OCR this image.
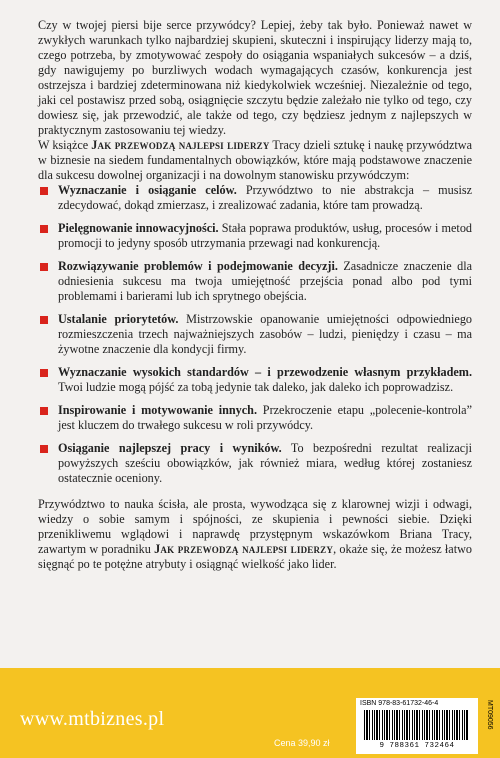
Czy w twojej piersi bije serce przywódcy? Lepiej, żeby tak było. Ponieważ nawet w zwykłych warunkach tylko najbardziej skupieni, skuteczni i inspirujący liderzy mają to, czego potrzeba, by zmotywować zespoły do osiągania wspaniałych sukcesów – a dziś, gdy nawigujemy po burzliwych wodach wymagających czasów, konkurencja jest ostrzejsza i bardziej zdeterminowana niż kiedykolwiek wcześniej. Niezależnie od tego, jaki cel postawisz przed sobą, osiągnięcie szczytu będzie zależało nie tylko od tego, czy dowiesz się, jak przewodzić, ale także od tego, czy będziesz jednym z najlepszych w praktycznym zastosowaniu tej wiedzy.

W książce Jak przewodzą najlepsi liderzy Tracy dzieli sztukę i naukę przywództwa w biznesie na siedem fundamentalnych obowiązków, które mają podstawowe znaczenie dla sukcesu dowolnej organizacji i na dowolnym stanowisku przywódczym:

Wyznaczanie i osiąganie celów. Przywództwo to nie abstrakcja – musisz zdecydować, dokąd zmierzasz, i zrealizować zadania, które tam prowadzą.
Pielęgnowanie innowacyjności. Stała poprawa produktów, usług, procesów i metod promocji to jedyny sposób utrzymania przewagi nad konkurencją.
Rozwiązywanie problemów i podejmowanie decyzji. Zasadnicze znaczenie dla odniesienia sukcesu ma twoja umiejętność przejścia ponad albo pod tymi problemami i barierami lub ich sprytnego obejścia.
Ustalanie priorytetów. Mistrzowskie opanowanie umiejętności odpowiedniego rozmieszczenia trzech najważniejszych zasobów – ludzi, pieniędzy i czasu – ma żywotne znaczenie dla kondycji firmy.
Wyznaczanie wysokich standardów – i przewodzenie własnym przykładem. Twoi ludzie mogą pójść za tobą jedynie tak daleko, jak daleko ich poprowadzisz.
Inspirowanie i motywowanie innych. Przekroczenie etapu „polecenie-kontrola” jest kluczem do trwałego sukcesu w roli przywódcy.
Osiąganie najlepszej pracy i wyników. To bezpośredni rezultat realizacji powyższych sześciu obowiązków, jak również miara, według której zostaniesz ostatecznie oceniony.

Przywództwo to nauka ścisła, ale prosta, wywodząca się z klarownej wizji i odwagi, wiedzy o sobie samym i spójności, ze skupienia i pewności siebie. Dzięki przenikliwemu wglądowi i naprawdę przystępnym wskazówkom Briana Tracy, zawartym w poradniku Jak przewodzą najlepsi liderzy, okaże się, że możesz łatwo sięgnąć po te potężne atrybuty i osiągnąć wielkość jako lider.

www.mtbiznes.pl
Cena 39,90 zł
ISBN 978-83-61732-46-4
9 788361 732464
MT09056
